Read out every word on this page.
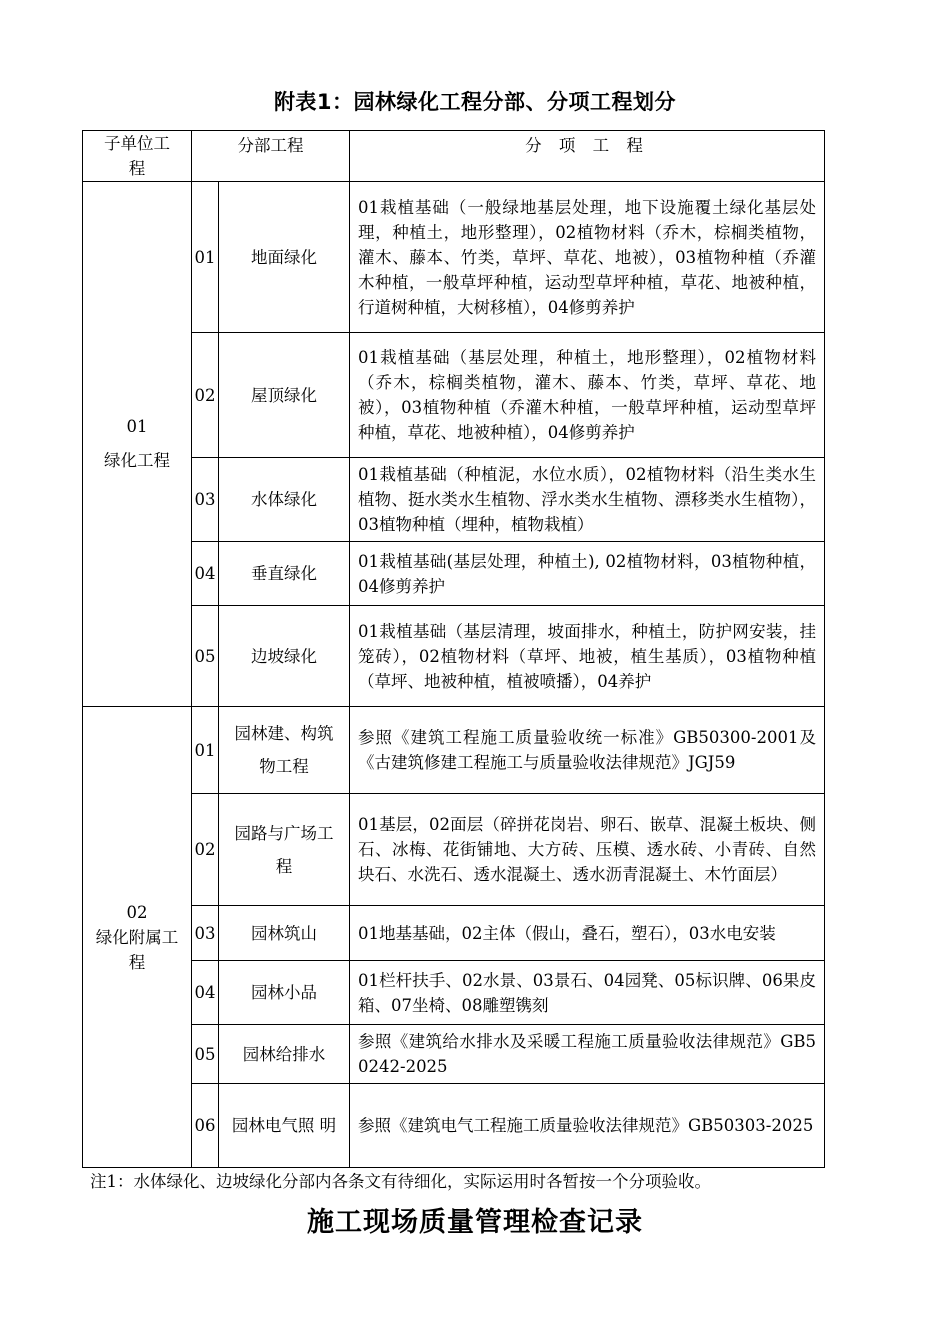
附表1：园林绿化工程分部、分项工程划分
子单位工程	分部工程		分 项 工 程

01
绿化工程	01	地面绿化	01栽植基础（一般绿地基层处理，地下设施覆土绿化基层处理，种植土，地形整理），02植物材料（乔木，棕榈类植物，灌木、藤本、竹类，草坪、草花、地被），03植物种植（乔灌木种植，一般草坪种植，运动型草坪种植，草花、地被种植，行道树种植，大树移植），04修剪养护
	02	屋顶绿化	01栽植基础（基层处理，种植土，地形整理），02植物材料（乔木，棕榈类植物，灌木、藤本、竹类，草坪、草花、地被），03植物种植（乔灌木种植，一般草坪种植，运动型草坪种植，草花、地被种植），04修剪养护
	03	水体绿化	01栽植基础（种植泥，水位水质），02植物材料（沿生类水生植物、挺水类水生植物、浮水类水生植物、漂移类水生植物），03植物种植（埋种，植物栽植）
	04	垂直绿化	01栽植基础(基层处理，种植土), 02植物材料，03植物种植，04修剪养护
	05	边坡绿化	01栽植基础（基层清理，坡面排水，种植土，防护网安装，挂笼砖），02植物材料（草坪、地被，植生基质），03植物种植（草坪、地被种植，植被喷播），04养护

02
绿化附属工程	01	园林建、构筑物工程	参照《建筑工程施工质量验收统一标准》GB50300-2001及《古建筑修建工程施工与质量验收法律规范》JGJ59
	02	园路与广场工程	01基层，02面层（碎拼花岗岩、卵石、嵌草、混凝土板块、侧石、冰梅、花街铺地、大方砖、压模、透水砖、小青砖、自然块石、水洗石、透水混凝土、透水沥青混凝土、木竹面层）
	03	园林筑山	01地基基础，02主体（假山，叠石，塑石），03水电安装
	04	园林小品	01栏杆扶手、02水景、03景石、04园凳、05标识牌、06果皮箱、07坐椅、08雕塑镌刻
	05	园林给排水	参照《建筑给水排水及采暖工程施工质量验收法律规范》GB50242-2025
	06	园林电气照 明	参照《建筑电气工程施工质量验收法律规范》GB50303-2025
注1：水体绿化、边坡绿化分部内各条文有待细化，实际运用时各暂按一个分项验收。
施工现场质量管理检查记录
